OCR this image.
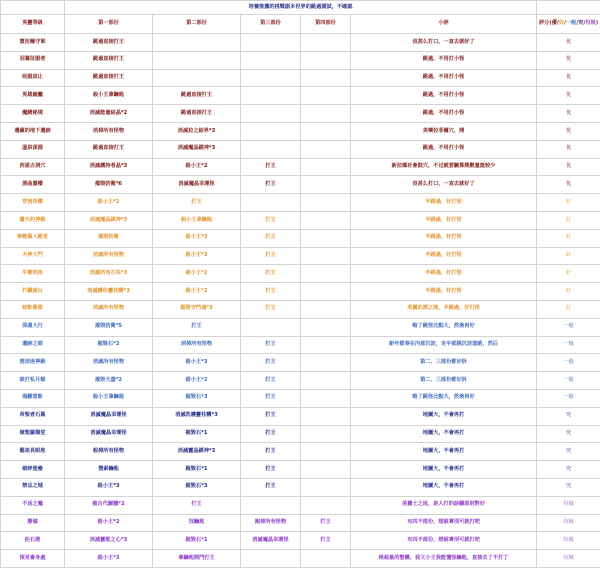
	培養推薦的挑戰副本世界的跳過測試，不確認					
英靈等級	第一部份	第二部份	第三部份	第四部份	小評	評分(優/好/一般/究/垃圾)
賈拉爾守軍	跳過直接打王				沒甚么打口，一直去就好了	优
羽翼征服者	跳過直接打王				跳過，不用打小怪	优
收服退让	跳過直接打王				跳過，不用打小怪	优
英雄幽屬	殺小王拿鑰匙	跳過直接打王			跳過，不用打小怪	优
魔鏡秘境	消滅能量結晶*2	跳過直接打王			跳過，不用打小怪	优
遺蘊的地下遺跡	消掉所有怪物	消滅拉之結界*3			美樂拉菲爾穴，開	优
溫泉深淵	跳過直接打王	消滅魔晶鎖神*3			跳過，不用打小怪	优
西恩古洞穴	消滅護持者晶*3	殺小王*2	打王		新拉爆社會鼓穴，不过就要驗算獎數量挺较少	优
酒曲蜃樓	摧毀防衛*6	消滅魔晶幸運怪	打王		沒甚么打口，一直去就好了	优
穿流奇耀	殺小王*2	打王			半跳過，好打怪	好
騰天的神殿	消滅魔晶鎖神*3	殺小王拿鑰匙	打王		半跳過，好打怪	好
拳輕萬人殿堂	摧毀防衛	殺小王*3	打王		半跳過，好打怪	好
天神大門	消滅所有怪物	殺小王*3	打王		半跳過，好打怪	好
平廢刑房	消滅所有石柱*3	殺小王*2	打王		半跳過，好打怪	好
打鐵屋台	消滅護佑靈柱體*3	殺小王*2	打王		半跳過，好打怪	好
暗影衛隊	消滅所有怪物	摧毀守門魂*3	打王		美麗的漂之間，半跳過，好打怪	好
深淵大行	摧毀防衛*5	打王			略了跳怪比點大，然後再好	一般
遺跡之眼	摧毀石*2	消掉所有怪物	打王		新年節奏在內部沉淀，走半部跳沉淀道路，然后	一般
遊涼迷神殿	消滅所有怪物	殺小王*3	打王		第二、三部份都好拆	一般
眼打私月館	摧毀天盡*2	殺小王*2	打王		第二、三部份都好拆	一般
海翻雲影	殺小王拿鑰匙	摧毀石*3	打王		略了跳怪比點大，然後再好	一般
帝聖者石墓	消滅魔晶幸運怪	消滅洗護靈柱體*3	打王		地圖大，不會再打	究
傾聖羅盤堂	消滅魔晶幸運怪	摧毀石*1	打王		地圖大，不會再打	究
龍祖長眠地	殺掉所有怪物	消滅靈晶鎖神*3	打王		地圖大，不會再打	究
破碎堡壘	搜索鑰匙	摧毀石*1	打王		地圖大，不會再打	究
禁忌之城	殺小王*3	摧毀石*3	打王		地圖大，不會再打	究
不活之魔	摧古代圖騰*2	打王			美麗士之尾，是人打的話聽原則對好	垃圾
廢墟	殺小王*2	找鑰匙	跑掉所有怪物	打王	有四不部份，想說專別可就打吧	垃圾
拒石港	消滅靈能之心*3	摧毀石*1	消滅魔晶幸運怪	打王	有四不部份，想說專別可就打吧	垃圾
預見審身處	殺小王*3	拿鑰匙開門打王			稍殺最的整體，我又小王我能懂怪鑰匙，直接去了不打了	垃圾
